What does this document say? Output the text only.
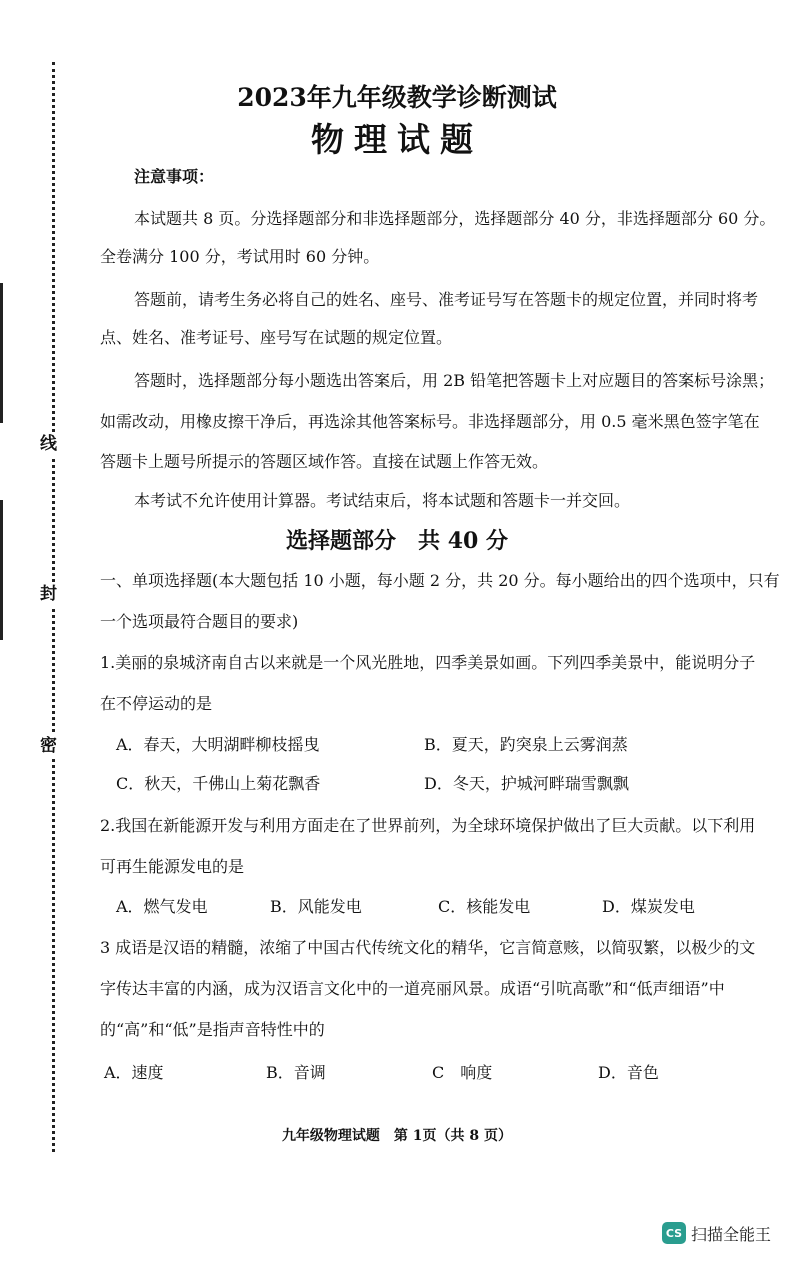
线
封
密
2023年九年级教学诊断测试
物理试题
注意事项：
本试题共 8 页。分选择题部分和非选择题部分，选择题部分 40 分，非选择题部分 60 分。
全卷满分 100 分，考试用时 60 分钟。
答题前，请考生务必将自己的姓名、座号、准考证号写在答题卡的规定位置，并同时将考
点、姓名、准考证号、座号写在试题的规定位置。
答题时，选择题部分每小题选出答案后，用 2B 铅笔把答题卡上对应题目的答案标号涂黑；
如需改动，用橡皮擦干净后，再选涂其他答案标号。非选择题部分，用 0.5 毫米黑色签字笔在
答题卡上题号所提示的答题区域作答。直接在试题上作答无效。
本考试不允许使用计算器。考试结束后，将本试题和答题卡一并交回。
选择题部分　共 40 分
一、单项选择题(本大题包括 10 小题，每小题 2 分，共 20 分。每小题给出的四个选项中，只有
一个选项最符合题目的要求)
1.美丽的泉城济南自古以来就是一个风光胜地，四季美景如画。下列四季美景中，能说明分子
在不停运动的是
A．春天，大明湖畔柳枝摇曳	B．夏天，趵突泉上云雾润蒸
C．秋天，千佛山上菊花飘香	D．冬天，护城河畔瑞雪飘飘
2.我国在新能源开发与利用方面走在了世界前列，为全球环境保护做出了巨大贡献。以下利用
可再生能源发电的是
A．燃气发电	B．风能发电	C．核能发电	D．煤炭发电
3 成语是汉语的精髓，浓缩了中国古代传统文化的精华，它言简意赅，以简驭繁，以极少的文
字传达丰富的内涵，成为汉语言文化中的一道亮丽风景。成语“引吭高歌”和“低声细语”中
的“高”和“低”是指声音特性中的
A．速度	B．音调	C　响度	D．音色
九年级物理试题　第 1页（共 8 页）
CS 扫描全能王
